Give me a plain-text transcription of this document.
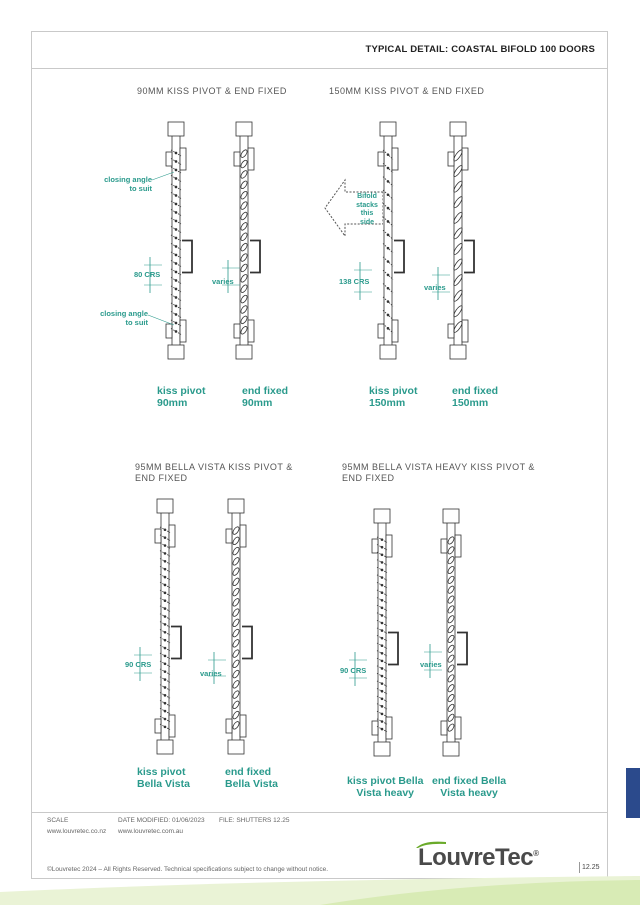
TYPICAL DETAIL: COASTAL BIFOLD 100 DOORS
90MM KISS PIVOT & END FIXED	150MM KISS PIVOT & END FIXED
95MM BELLA VISTA KISS PIVOT &
END FIXED
95MM BELLA VISTA HEAVY KISS PIVOT &
END FIXED
closing angle
to suit
80 CRS
varies
closing angle
to suit
Bifold
stacks
this
side
138 CRS
varies
90 CRS
varies	90 CRS
varies
kiss pivot
90mm
end fixed
90mm
kiss pivot
150mm
end fixed
150mm
kiss pivot
Bella Vista
end fixed
Bella Vista	kiss pivot Bella
Vista heavy
end fixed Bella
Vista heavy
SCALE	DATE MODIFIED: 01/06/2023 FILE: SHUTTERS 12.25
www.louvretec.co.nz www.louvretec.com.au
©Louvretec 2024 – All Rights Reserved. Technical specifications subject to change without notice.	LouvreTec®
12.25
